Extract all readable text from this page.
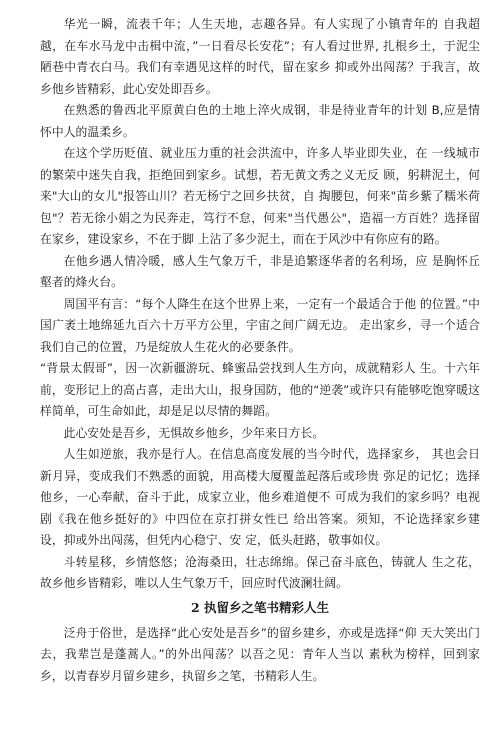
华光一瞬，流表千年；人生天地，志趣各异。有人实现了小镇青年的 自我超越，在车水马龙中击楫中流，”一日看尽长安花”；有人看过世界, 扎根乡土，于泥尘陋巷中青衣白马。我们有幸遇见这样的时代，留在家乡 抑或外出闯荡？于我言，故乡他乡皆精彩，此心安处即吾乡。

在熟悉的鲁西北平原黄白色的土地上淬火成钢，非是待业青年的计划 B,应是情怀中人的温柔乡。

在这个学历贬值、就业压力重的社会洪流中，许多人毕业即失业，在 一线城市的繁荣中迷失自我，拒绝回到家乡。试想，若无黄文秀之义无反 顾，躬耕泥土，何来"大山的女儿"报答山川？若无杨宁之回乡扶贫，自 掏腰包，何来"苗乡紫了糯米荷包"？若无徐小娟之为民奔走，笃行不怠，何来"当代愚公"，造福一方百姓？选择留在家乡，建设家乡，不在于脚 上沾了多少泥土，而在于风沙中有你应有的路。

在他乡遇人情冷暖，感人生气象万千，非是追繁逐华者的名利场，应 是胸怀丘壑者的烽火台。

周国平有言：“每个人降生在这个世界上来，一定有一个最适合于他 的位置。”中国广袤土地绵延九百六十万平方公里，宇宙之间广阔无边。 走出家乡，寻一个适合我们自己的位置，乃是绽放人生花火的必要条件。

“背景太假哥”，因一次新疆游玩、蜂蜜品尝找到人生方向，成就精彩人 生。十六年前，变形记上的高占喜，走出大山，报身国防，他的“逆袭”或许只有能够吃饱穿暖这样简单，可生命如此，却是足以尽情的舞蹈。

此心安处是吾乡，无惧故乡他乡，少年来日方长。

人生如逆旅，我亦是行人。在信息高度发展的当今时代，选择家乡， 其也会日新月异，变成我们不熟悉的面貌，用高楼大厦覆盖起落后或珍贵 弥足的记忆；选择他乡，一心奉献，奋斗于此，成家立业，他乡难道便不 可成为我们的家乡吗？电视剧《我在他乡挺好的》中四位在京打拼女性已 给出答案。须知，不论选择家乡建设，抑或外出闯荡，但凭内心稳宁、安 定，低头赶路，敬事如仪。

斗转星移，乡情悠悠；沧海桑田，壮志绵绵。保己奋斗底色，铸就人 生之花，故乡他乡皆精彩，唯以人生气象万千，回应时代波澜壮阔。

2 执留乡之笔书精彩人生

泛舟于俗世，是选择“此心安处是吾乡”的留乡建乡，亦或是选择“仰 天大笑出门去，我辈岂是蓬蒿人。”的外出闯荡？以吾之见：青年人当以 素秋为榜样，回到家乡，以青春岁月留乡建乡，执留乡之笔，书精彩人生。
